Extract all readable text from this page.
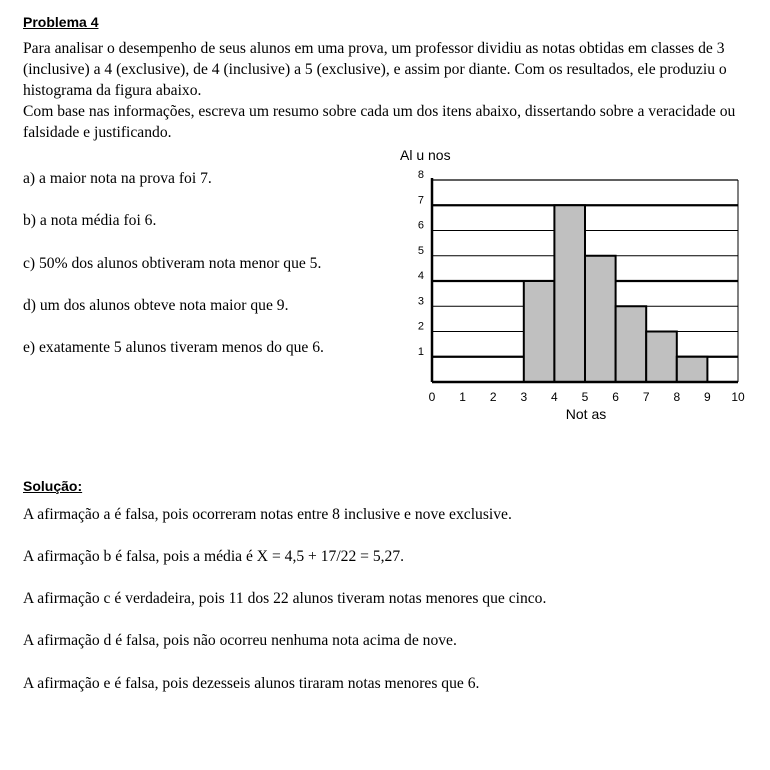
Problema 4

Para analisar o desempenho de seus alunos em uma prova, um professor dividiu as notas obtidas em classes de 3 (inclusive) a 4 (exclusive), de 4 (inclusive) a 5 (exclusive), e assim por diante. Com os resultados, ele produziu o histograma da figura abaixo.

Com base nas informações, escreva um resumo sobre cada um dos itens abaixo, dissertando sobre a veracidade ou falsidade e justificando.

a) a maior nota na prova foi 7.
b) a nota média foi 6.
c) 50% dos alunos obtiveram nota menor que 5.
d) um dos alunos obteve nota maior que 9.
e) exatamente 5 alunos tiveram menos do que 6.
Al u nos
Not as
0 1 2 3 4 5 6 7 8 9 10
1
2
3
4
5
6
7
8
Solução:
A afirmação a é falsa, pois ocorreram notas entre 8 inclusive e nove exclusive.
A afirmação b é falsa, pois a média é X = 4,5 + 17/22 = 5,27.
A afirmação c é verdadeira, pois 11 dos 22 alunos tiveram notas menores que cinco.
A afirmação d é falsa, pois não ocorreu nenhuma nota acima de nove.
A afirmação e é falsa, pois dezesseis alunos tiraram notas menores que 6.
